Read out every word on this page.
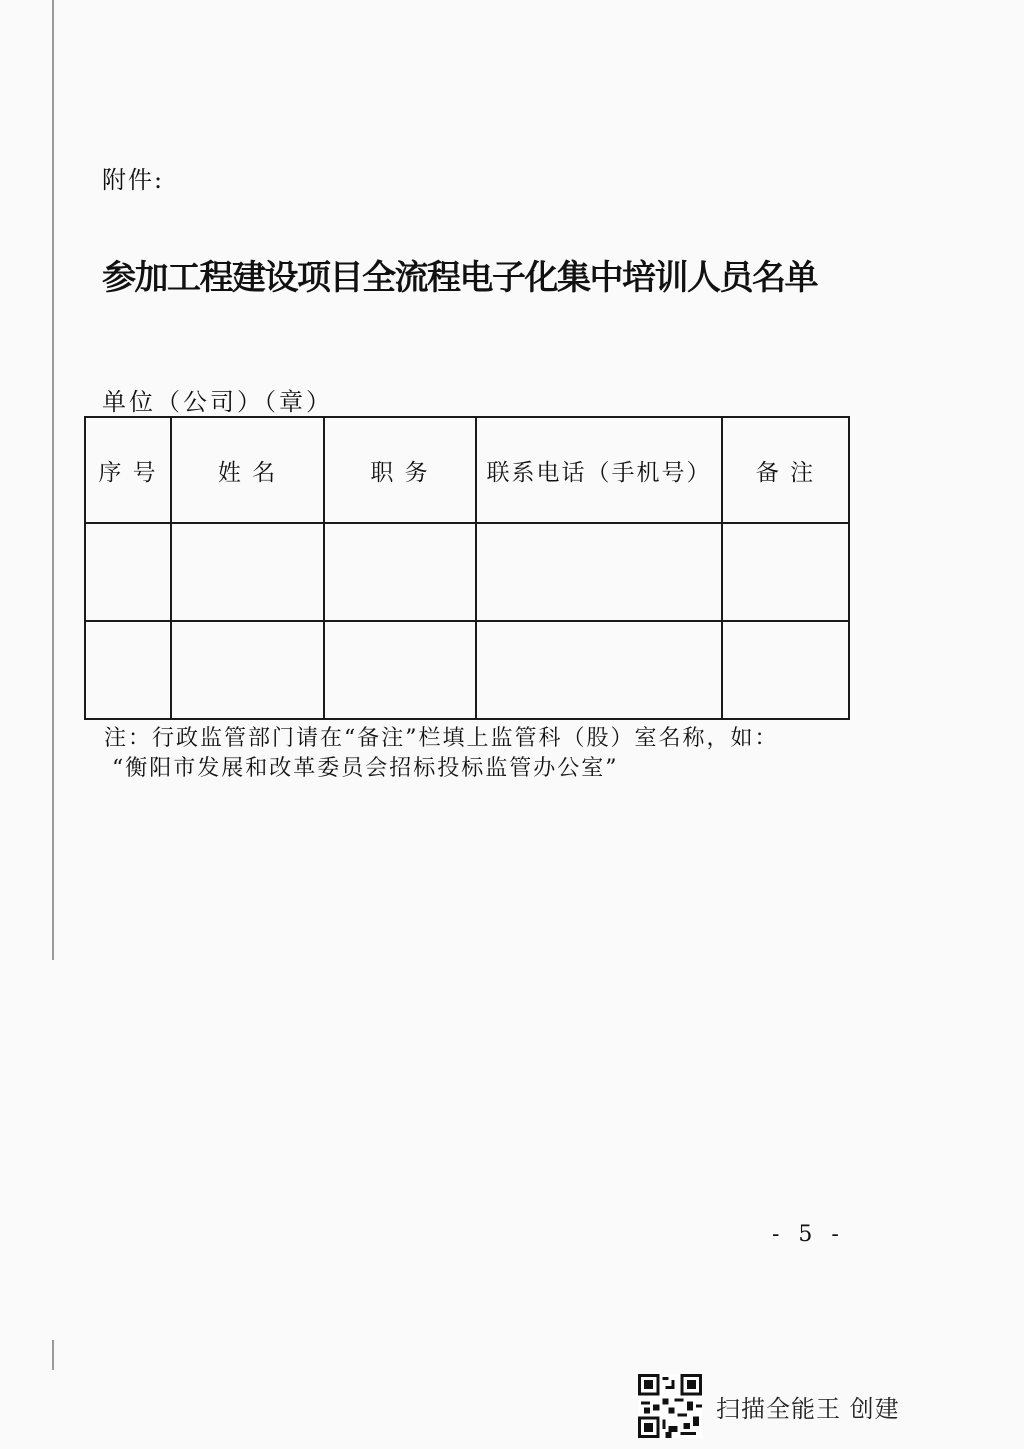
附件:
参加工程建设项目全流程电子化集中培训人员名单
单位（公司）（章）
序 号	姓 名	职 务	联系电话（手机号）	备 注

注：行政监管部门请在“备注”栏填上监管科（股）室名称，如：
“衡阳市发展和改革委员会招标投标监管办公室”
- 5 -
扫描全能王 创建
